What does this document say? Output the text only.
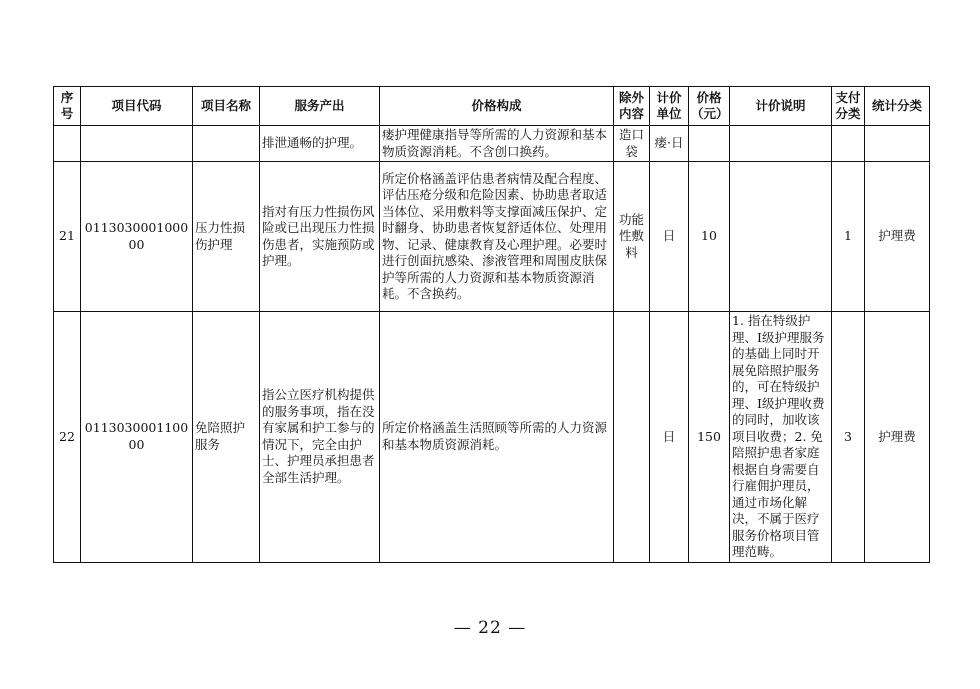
序号	项目代码	项目名称	服务产出	价格构成	除外内容	计价单位	价格（元）	计价说明	支付分类	统计分类
			排泄通畅的护理。	瘘护理健康指导等所需的人力资源和基本物质资源消耗。不含创口换药。	造口袋	瘘·日				
21	011303000100000	压力性损伤护理	指对有压力性损伤风险或已出现压力性损伤患者，实施预防或护理。	所定价格涵盖评估患者病情及配合程度、评估压疮分级和危险因素、协助患者取适当体位、采用敷料等支撑面减压保护、定时翻身、协助患者恢复舒适体位、处理用物、记录、健康教育及心理护理。必要时进行创面抗感染、渗液管理和周围皮肤保护等所需的人力资源和基本物质资源消耗。不含换药。	功能性敷料	日	10		1	护理费
22	011303000110000	免陪照护服务	指公立医疗机构提供的服务事项，指在没有家属和护工参与的情况下，完全由护士、护理员承担患者全部生活护理。	所定价格涵盖生活照顾等所需的人力资源和基本物质资源消耗。		日	150	1. 指在特级护理、I级护理服务的基础上同时开展免陪照护服务的，可在特级护理、I级护理收费的同时，加收该项目收费；2. 免陪照护患者家庭根据自身需要自行雇佣护理员，通过市场化解决，不属于医疗服务价格项目管理范畴。	3	护理费
— 22 —
